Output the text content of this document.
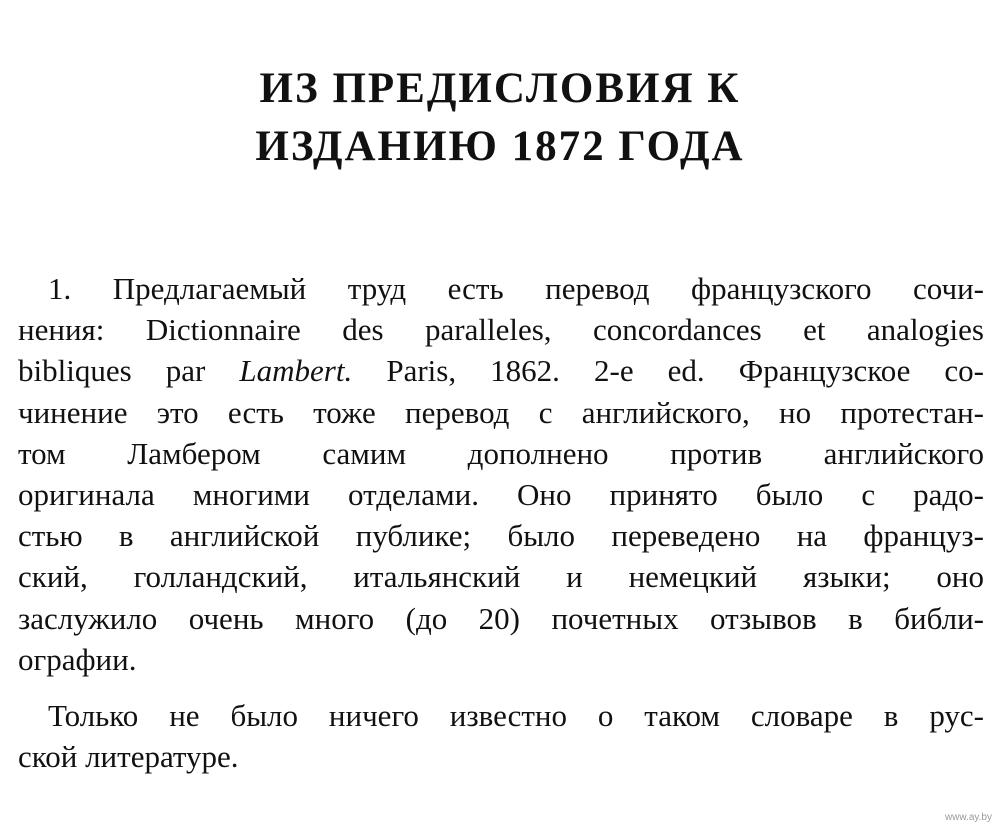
ИЗ ПРЕДИСЛОВИЯ К
ИЗДАНИЮ 1872 ГОДА
1. Предлагаемый труд есть перевод французского сочи-
нения: Dictionnaire des paralleles, concordances et analogies
bibliques par Lambert. Paris, 1862. 2-е ed. Французское со-
чинение это есть тоже перевод с английского, но протестан-
том Ламбером самим дополнено против английского
оригинала многими отделами. Оно принято было с радо-
стью в английской публике; было переведено на француз-
ский, голландский, итальянский и немецкий языки; оно
заслужило очень много (до 20) почетных отзывов в библи-
ографии.
Только не было ничего известно о таком словаре в рус-
ской литературе.
www.ay.by
